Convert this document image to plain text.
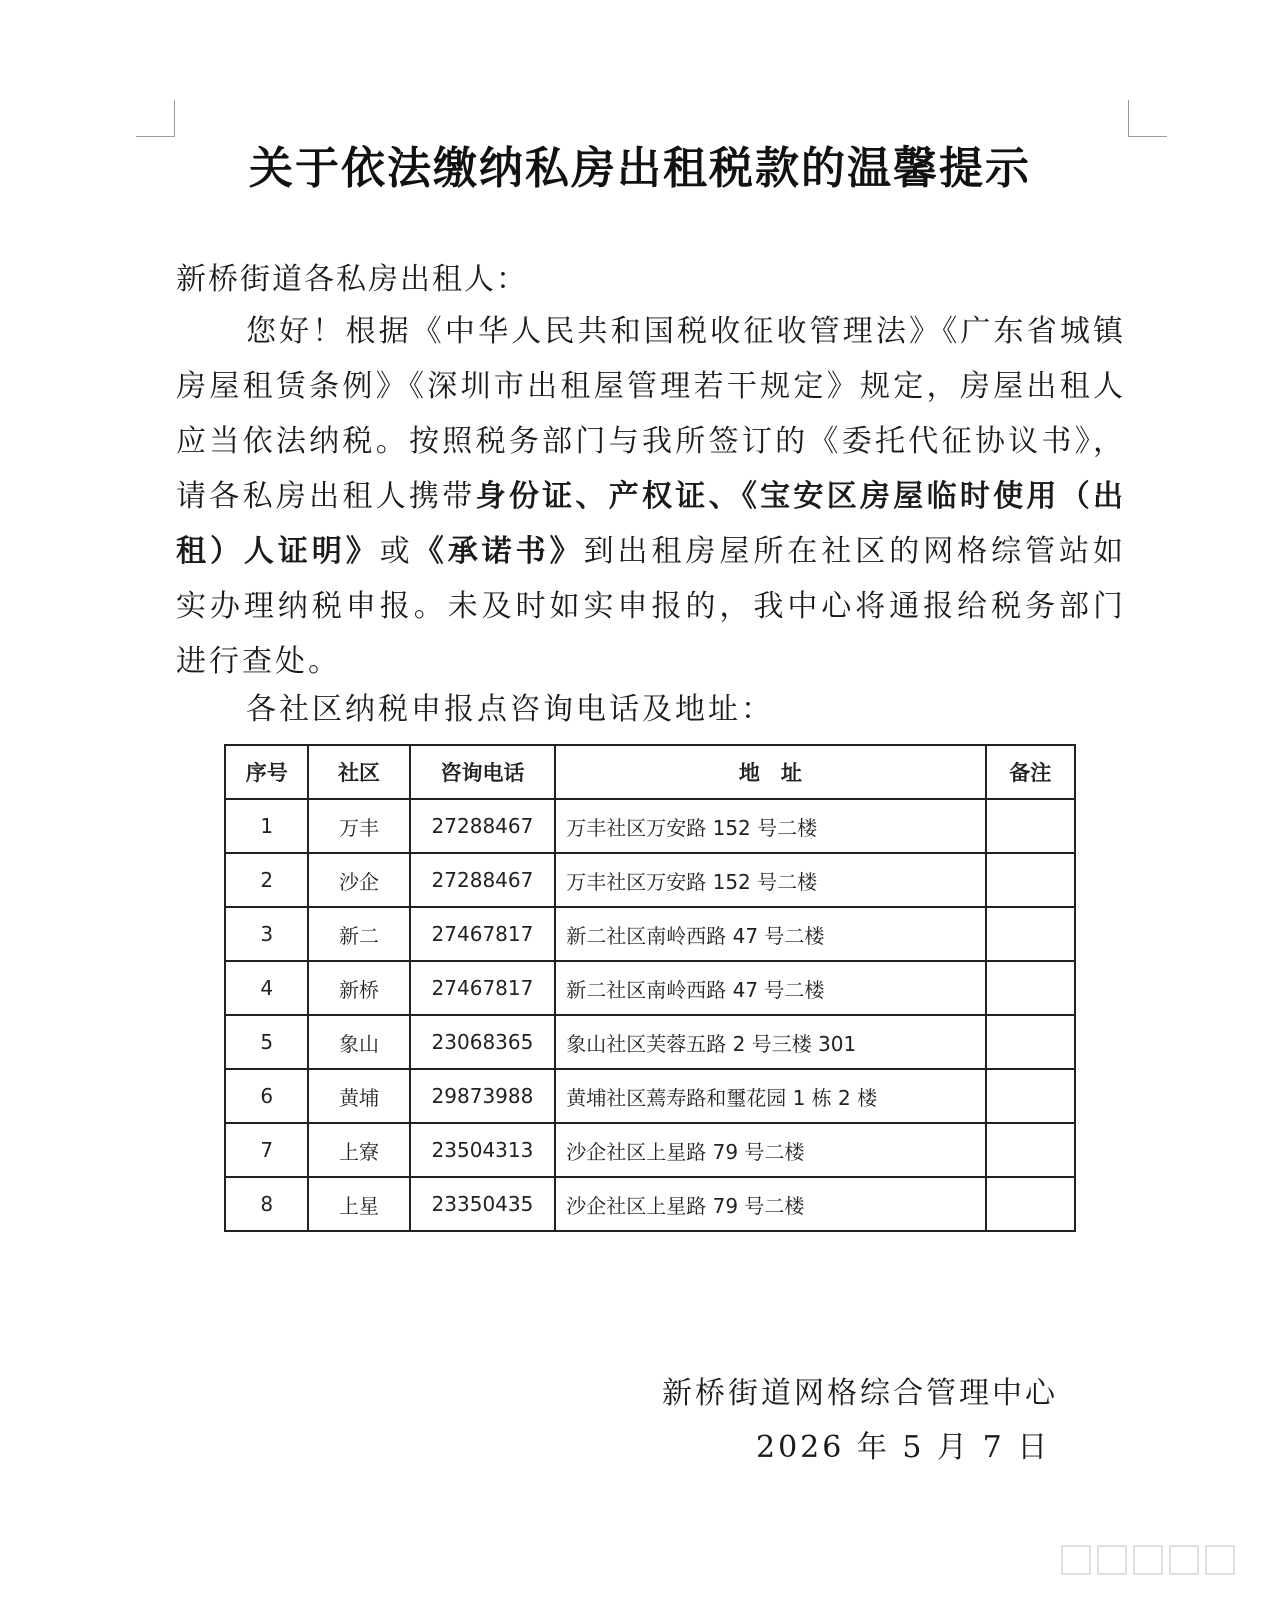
关于依法缴纳私房出租税款的温馨提示
新桥街道各私房出租人：

您好！根据《中华人民共和国税收征收管理法》《广东省城镇房屋租赁条例》《深圳市出租屋管理若干规定》规定，房屋出租人应当依法纳税。按照税务部门与我所签订的《委托代征协议书》，请各私房出租人携带身份证、产权证、《宝安区房屋临时使用（出租）人证明》或《承诺书》到出租房屋所在社区的网格综管站如实办理纳税申报。未及时如实申报的，我中心将通报给税务部门进行查处。

各社区纳税申报点咨询电话及地址：
序号	社区	咨询电话	地　址	备注
1	万丰	27288467	万丰社区万安路 152 号二楼	
2	沙企	27288467	万丰社区万安路 152 号二楼	
3	新二	27467817	新二社区南岭西路 47 号二楼	
4	新桥	27467817	新二社区南岭西路 47 号二楼	
5	象山	23068365	象山社区芙蓉五路 2 号三楼 301	
6	黄埔	29873988	黄埔社区蔫寿路和璽花园 1 栋 2 楼	
7	上寮	23504313	沙企社区上星路 79 号二楼	
8	上星	23350435	沙企社区上星路 79 号二楼	
新桥街道网格综合管理中心
2026 年 5 月 7 日
